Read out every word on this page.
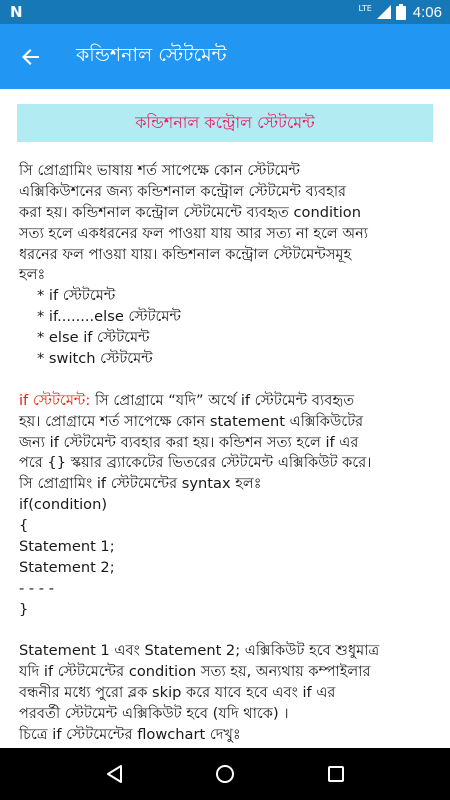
N	LTE	4:06
কন্ডিশনাল স্টেটমেন্ট
কন্ডিশনাল কন্ট্রোল স্টেটমেন্ট
সি প্রোগ্রামিং ভাষায় শর্ত সাপেক্ষে কোন স্টেটমেন্ট
এক্সিকিউশনের জন্য কন্ডিশনাল কন্ট্রোল স্টেটমেন্ট ব্যবহার
করা হয়। কন্ডিশনাল কন্ট্রোল স্টেটমেন্টে ব্যবহৃত condition
সত্য হলে একধরনের ফল পাওয়া যায় আর সত্য না হলে অন্য
ধরনের ফল পাওয়া যায়। কন্ডিশনাল কন্ট্রোল স্টেটমেন্টসমূহ
হলঃ
* if স্টেটমেন্ট
* if........else স্টেটমেন্ট
* else if স্টেটমেন্ট
* switch স্টেটমেন্ট
if স্টেটমেন্ট: সি প্রোগ্রামে “যদি” অর্থে if স্টেটমেন্ট ব্যবহৃত
হয়। প্রোগ্রামে শর্ত সাপেক্ষে কোন statement এক্সিকিউটের
জন্য if স্টেটমেন্ট ব্যবহার করা হয়। কন্ডিশন সত্য হলে if এর
পরে {} স্কয়ার ব্র্যাকেটের ভিতরের স্টেটমেন্ট এক্সিকিউট করে।
সি প্রোগ্রামিং if স্টেটমেন্টের syntax হলঃ
if(condition)
{
Statement 1;
Statement 2;
- - - -
}
Statement 1 এবং Statement 2; এক্সিকিউট হবে শুধুমাত্র
যদি if স্টেটমেন্টের condition সত্য হয়, অন্যথায় কম্পাইলার
বন্ধনীর মধ্যে পুরো ব্লক skip করে যাবে হবে এবং if এর
পরবর্তী স্টেটমেন্ট এক্সিকিউট হবে (যদি থাকে) ।
চিত্রে if স্টেটমেন্টের flowchart দেখুঃ
